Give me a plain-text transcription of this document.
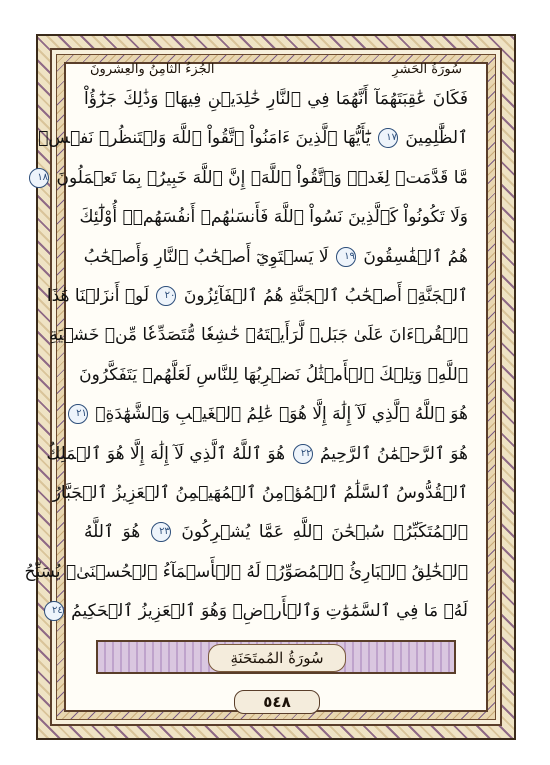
الجُزءُ الثامِنُ والعِشرونَ	سُورَةُ الحَشرِ
فَكَانَ عَٰقِبَتَهُمَآ أَنَّهُمَا فِي ٱلنَّارِ خَٰلِدَيۡنِ فِيهَاۚ وَذَٰلِكَ جَزَٰٓؤُاْ
ٱلظَّٰلِمِينَ ١٧ يَٰٓأَيُّهَا ٱلَّذِينَ ءَامَنُواْ ٱتَّقُواْ ٱللَّهَ وَلۡتَنظُرۡ نَفۡسٞ
مَّا قَدَّمَتۡ لِغَدٖۖ وَٱتَّقُواْ ٱللَّهَۚ إِنَّ ٱللَّهَ خَبِيرُۢ بِمَا تَعۡمَلُونَ ١٨
وَلَا تَكُونُواْ كَٱلَّذِينَ نَسُواْ ٱللَّهَ فَأَنسَىٰهُمۡ أَنفُسَهُمۡۚ أُوْلَٰٓئِكَ
هُمُ ٱلۡفَٰسِقُونَ ١٩ لَا يَسۡتَوِيٓ أَصۡحَٰبُ ٱلنَّارِ وَأَصۡحَٰبُ
ٱلۡجَنَّةِۚ أَصۡحَٰبُ ٱلۡجَنَّةِ هُمُ ٱلۡفَآئِزُونَ ٢٠ لَوۡ أَنزَلۡنَا هَٰذَا
ٱلۡقُرۡءَانَ عَلَىٰ جَبَلٖ لَّرَأَيۡتَهُۥ خَٰشِعٗا مُّتَصَدِّعٗا مِّنۡ خَشۡيَةِ
ٱللَّهِۚ وَتِلۡكَ ٱلۡأَمۡثَٰلُ نَضۡرِبُهَا لِلنَّاسِ لَعَلَّهُمۡ يَتَفَكَّرُونَ
هُوَ ٱللَّهُ ٱلَّذِي لَآ إِلَٰهَ إِلَّا هُوَۖ عَٰلِمُ ٱلۡغَيۡبِ وَٱلشَّهَٰدَةِۖ ٢١
هُوَ ٱلرَّحۡمَٰنُ ٱلرَّحِيمُ ٢٢ هُوَ ٱللَّهُ ٱلَّذِي لَآ إِلَٰهَ إِلَّا هُوَ ٱلۡمَلِكُ
ٱلۡقُدُّوسُ ٱلسَّلَٰمُ ٱلۡمُؤۡمِنُ ٱلۡمُهَيۡمِنُ ٱلۡعَزِيزُ ٱلۡجَبَّارُ
ٱلۡمُتَكَبِّرُۚ سُبۡحَٰنَ ٱللَّهِ عَمَّا يُشۡرِكُونَ ٢٣ هُوَ ٱللَّهُ
ٱلۡخَٰلِقُ ٱلۡبَارِئُ ٱلۡمُصَوِّرُۖ لَهُ ٱلۡأَسۡمَآءُ ٱلۡحُسۡنَىٰۚ يُسَبِّحُ
لَهُۥ مَا فِي ٱلسَّمَٰوَٰتِ وَٱلۡأَرۡضِۖ وَهُوَ ٱلۡعَزِيزُ ٱلۡحَكِيمُ ٢٤
سُورَةُ المُمتَحَنَةِ
٥٤٨
